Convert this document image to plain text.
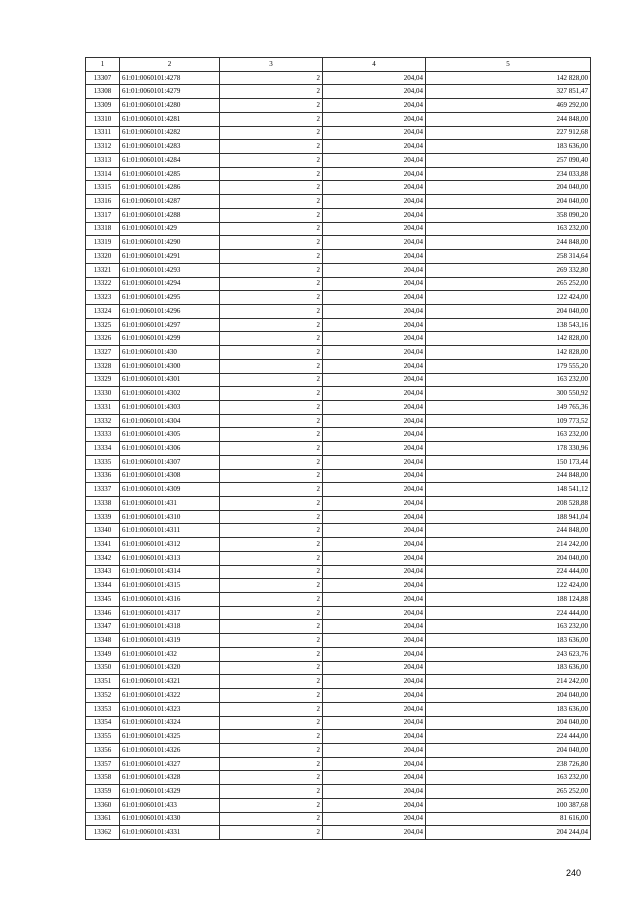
1	2	3	4	5
13307	61:01:0060101:4278	2	204,04	142 828,00
13308	61:01:0060101:4279	2	204,04	327 851,47
13309	61:01:0060101:4280	2	204,04	469 292,00
13310	61:01:0060101:4281	2	204,04	244 848,00
13311	61:01:0060101:4282	2	204,04	227 912,68
13312	61:01:0060101:4283	2	204,04	183 636,00
13313	61:01:0060101:4284	2	204,04	257 090,40
13314	61:01:0060101:4285	2	204,04	234 033,88
13315	61:01:0060101:4286	2	204,04	204 040,00
13316	61:01:0060101:4287	2	204,04	204 040,00
13317	61:01:0060101:4288	2	204,04	358 090,20
13318	61:01:0060101:429	2	204,04	163 232,00
13319	61:01:0060101:4290	2	204,04	244 848,00
13320	61:01:0060101:4291	2	204,04	258 314,64
13321	61:01:0060101:4293	2	204,04	269 332,80
13322	61:01:0060101:4294	2	204,04	265 252,00
13323	61:01:0060101:4295	2	204,04	122 424,00
13324	61:01:0060101:4296	2	204,04	204 040,00
13325	61:01:0060101:4297	2	204,04	138 543,16
13326	61:01:0060101:4299	2	204,04	142 828,00
13327	61:01:0060101:430	2	204,04	142 828,00
13328	61:01:0060101:4300	2	204,04	179 555,20
13329	61:01:0060101:4301	2	204,04	163 232,00
13330	61:01:0060101:4302	2	204,04	300 550,92
13331	61:01:0060101:4303	2	204,04	149 765,36
13332	61:01:0060101:4304	2	204,04	109 773,52
13333	61:01:0060101:4305	2	204,04	163 232,00
13334	61:01:0060101:4306	2	204,04	178 330,96
13335	61:01:0060101:4307	2	204,04	150 173,44
13336	61:01:0060101:4308	2	204,04	244 848,00
13337	61:01:0060101:4309	2	204,04	148 541,12
13338	61:01:0060101:431	2	204,04	208 528,88
13339	61:01:0060101:4310	2	204,04	188 941,04
13340	61:01:0060101:4311	2	204,04	244 848,00
13341	61:01:0060101:4312	2	204,04	214 242,00
13342	61:01:0060101:4313	2	204,04	204 040,00
13343	61:01:0060101:4314	2	204,04	224 444,00
13344	61:01:0060101:4315	2	204,04	122 424,00
13345	61:01:0060101:4316	2	204,04	188 124,88
13346	61:01:0060101:4317	2	204,04	224 444,00
13347	61:01:0060101:4318	2	204,04	163 232,00
13348	61:01:0060101:4319	2	204,04	183 636,00
13349	61:01:0060101:432	2	204,04	243 623,76
13350	61:01:0060101:4320	2	204,04	183 636,00
13351	61:01:0060101:4321	2	204,04	214 242,00
13352	61:01:0060101:4322	2	204,04	204 040,00
13353	61:01:0060101:4323	2	204,04	183 636,00
13354	61:01:0060101:4324	2	204,04	204 040,00
13355	61:01:0060101:4325	2	204,04	224 444,00
13356	61:01:0060101:4326	2	204,04	204 040,00
13357	61:01:0060101:4327	2	204,04	238 726,80
13358	61:01:0060101:4328	2	204,04	163 232,00
13359	61:01:0060101:4329	2	204,04	265 252,00
13360	61:01:0060101:433	2	204,04	100 387,68
13361	61:01:0060101:4330	2	204,04	81 616,00
13362	61:01:0060101:4331	2	204,04	204 244,04
240
